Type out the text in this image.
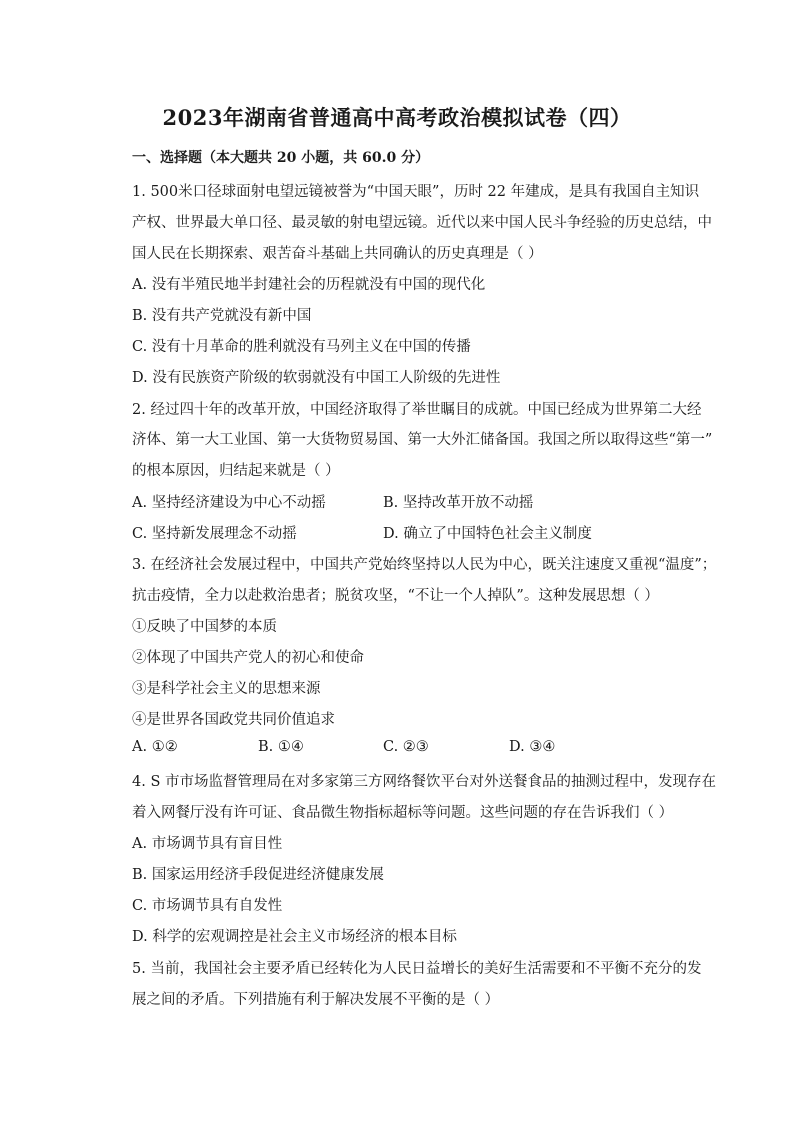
2023年湖南省普通高中高考政治模拟试卷（四）
一、选择题（本大题共 20 小题，共 60.0 分）
1. 500米口径球面射电望远镜被誉为“中国天眼”，历时 22 年建成，是具有我国自主知识
产权、世界最大单口径、最灵敏的射电望远镜。近代以来中国人民斗争经验的历史总结，中
国人民在长期探索、艰苦奋斗基础上共同确认的历史真理是（ ）
A. 没有半殖民地半封建社会的历程就没有中国的现代化
B. 没有共产党就没有新中国
C. 没有十月革命的胜利就没有马列主义在中国的传播
D. 没有民族资产阶级的软弱就没有中国工人阶级的先进性
2. 经过四十年的改革开放，中国经济取得了举世瞩目的成就。中国已经成为世界第二大经
济体、第一大工业国、第一大货物贸易国、第一大外汇储备国。我国之所以取得这些“第一”
的根本原因，归结起来就是（ ）
A. 坚持经济建设为中心不动摇	B. 坚持改革开放不动摇
C. 坚持新发展理念不动摇	D. 确立了中国特色社会主义制度
3. 在经济社会发展过程中，中国共产党始终坚持以人民为中心，既关注速度又重视“温度”；
抗击疫情，全力以赴救治患者；脱贫攻坚，“不让一个人掉队”。这种发展思想（ ）
①反映了中国梦的本质
②体现了中国共产党人的初心和使命
③是科学社会主义的思想来源
④是世界各国政党共同价值追求
A. ①②	B. ①④	C. ②③	D. ③④
4. S 市市场监督管理局在对多家第三方网络餐饮平台对外送餐食品的抽测过程中，发现存在
着入网餐厅没有许可证、食品微生物指标超标等问题。这些问题的存在告诉我们（ ）
A. 市场调节具有盲目性
B. 国家运用经济手段促进经济健康发展
C. 市场调节具有自发性
D. 科学的宏观调控是社会主义市场经济的根本目标
5. 当前，我国社会主要矛盾已经转化为人民日益增长的美好生活需要和不平衡不充分的发
展之间的矛盾。下列措施有利于解决发展不平衡的是（ ）
